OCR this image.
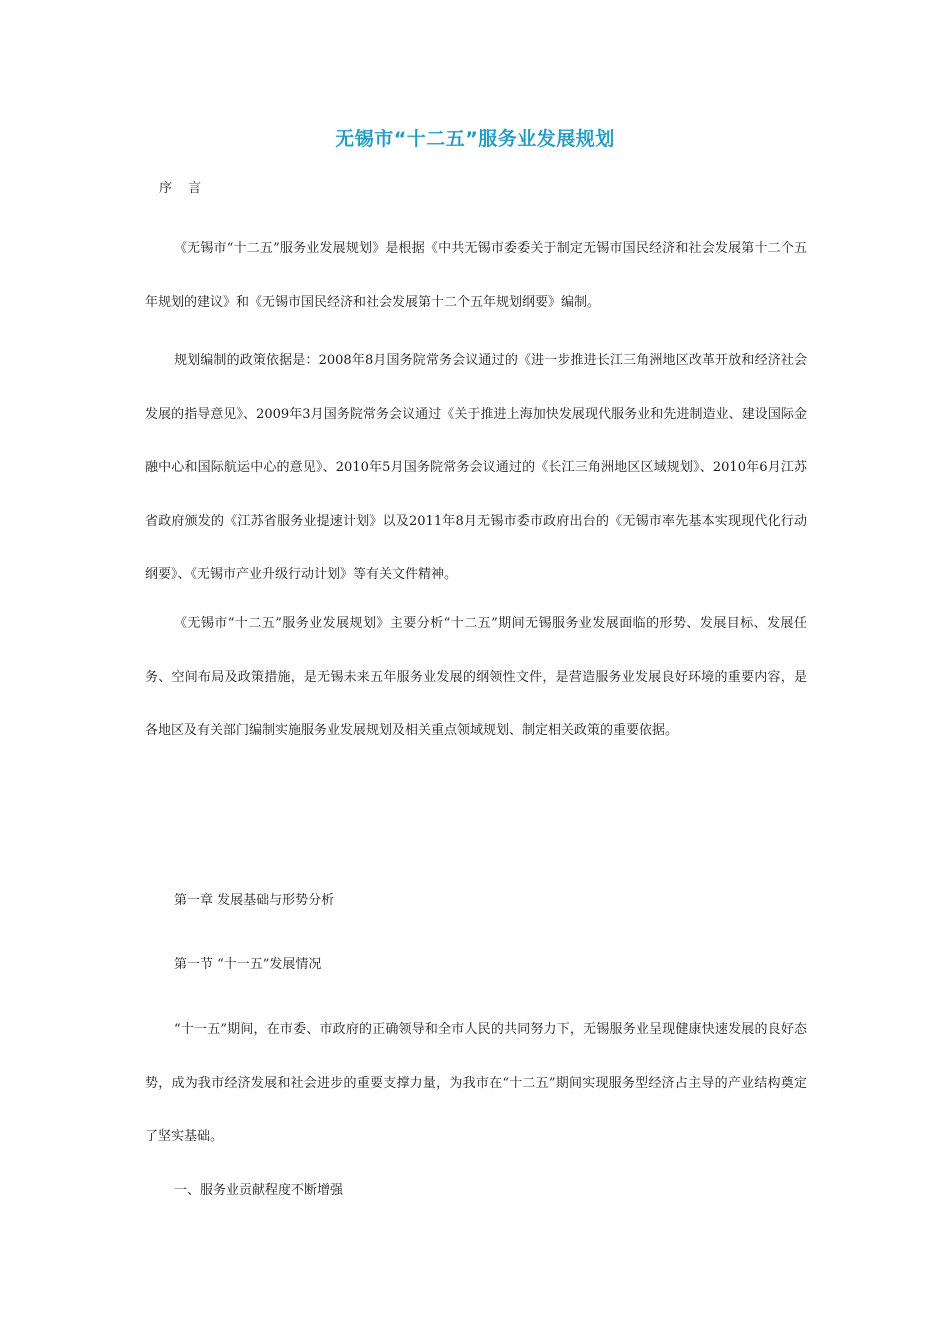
无锡市“十二五”服务业发展规划

序 言

《无锡市“十二五”服务业发展规划》是根据《中共无锡市委委关于制定无锡市国民经济和社会发展第十二个五年规划的建议》和《无锡市国民经济和社会发展第十二个五年规划纲要》编制。

规划编制的政策依据是：2008年8月国务院常务会议通过的《进一步推进长江三角洲地区改革开放和经济社会发展的指导意见》、2009年3月国务院常务会议通过《关于推进上海加快发展现代服务业和先进制造业、建设国际金融中心和国际航运中心的意见》、2010年5月国务院常务会议通过的《长江三角洲地区区域规划》、2010年6月江苏省政府颁发的《江苏省服务业提速计划》以及2011年8月无锡市委市政府出台的《无锡市率先基本实现现代化行动纲要》、《无锡市产业升级行动计划》等有关文件精神。

《无锡市“十二五”服务业发展规划》主要分析“十二五”期间无锡服务业发展面临的形势、发展目标、发展任务、空间布局及政策措施，是无锡未来五年服务业发展的纲领性文件，是营造服务业发展良好环境的重要内容，是各地区及有关部门编制实施服务业发展规划及相关重点领域规划、制定相关政策的重要依据。

第一章 发展基础与形势分析

第一节 “十一五”发展情况

“十一五”期间，在市委、市政府的正确领导和全市人民的共同努力下，无锡服务业呈现健康快速发展的良好态势，成为我市经济发展和社会进步的重要支撑力量，为我市在“十二五”期间实现服务型经济占主导的产业结构奠定了坚实基础。

一、服务业贡献程度不断增强
